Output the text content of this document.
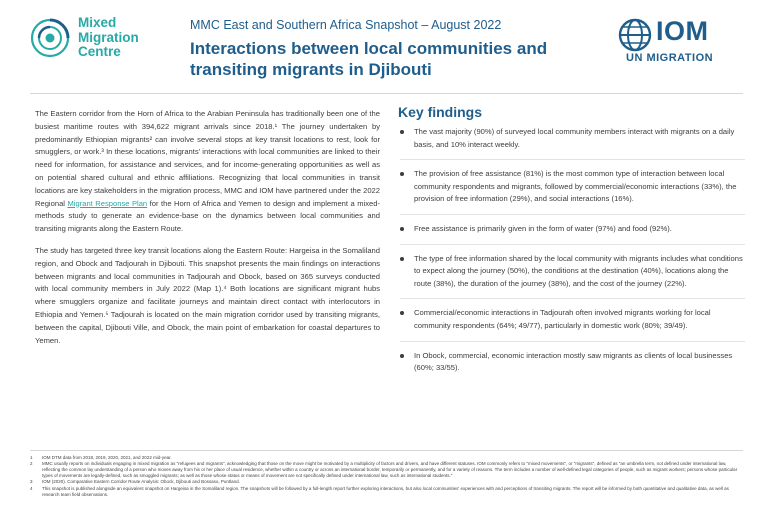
Mixed
Migration
Centre
MMC East and Southern Africa Snapshot – August 2022
Interactions between local communities and transiting migrants in Djibouti
IOM
UN MIGRATION

The Eastern corridor from the Horn of Africa to the Arabian Peninsula has traditionally been one of the busiest maritime routes with 394,622 migrant arrivals since 2018.¹ The journey undertaken by predominantly Ethiopian migrants² can involve several stops at key transit locations to rest, look for smugglers, or work.³ In these locations, migrants' interactions with local communities are linked to their need for information, for assistance and services, and for income-generating opportunities as well as on potential shared cultural and ethnic affiliations. Recognizing that local communities in transit locations are key stakeholders in the migration process, MMC and IOM have partnered under the 2022 Regional Migrant Response Plan for the Horn of Africa and Yemen to design and implement a mixed-methods study to generate an evidence-base on the dynamics between local communities and transiting migrants along the Eastern Route.

The study has targeted three key transit locations along the Eastern Route: Hargeisa in the Somaliland region, and Obock and Tadjourah in Djibouti. This snapshot presents the main findings on interactions between migrants and local communities in Tadjourah and Obock, based on 365 surveys conducted with local community members in July 2022 (Map 1).⁴ Both locations are significant migrant hubs where smugglers organize and facilitate journeys and maintain direct contact with interlocutors in Ethiopia and Yemen.⁵ Tadjourah is located on the main migration corridor used by transiting migrants, between the capital, Djibouti Ville, and Obock, the main point of embarkation for coastal departures to Yemen.

Key findings
The vast majority (90%) of surveyed local community members interact with migrants on a daily basis, and 10% interact weekly.
The provision of free assistance (81%) is the most common type of interaction between local community respondents and migrants, followed by commercial/economic interactions (33%), the provision of free information (29%), and social interactions (16%).
Free assistance is primarily given in the form of water (97%) and food (92%).
The type of free information shared by the local community with migrants includes what conditions to expect along the journey (50%), the conditions at the destination (40%), locations along the route (38%), the duration of the journey (38%), and the cost of the journey (22%).
Commercial/economic interactions in Tadjourah often involved migrants working for local community respondents (64%; 49/77), particularly in domestic work (80%; 39/49).
In Obock, commercial, economic interaction mostly saw migrants as clients of local businesses (60%; 33/55).
1 IOM DTM data from 2018, 2019, 2020, 2021, and 2022 mid-year.
2 MMC usually reports on individuals engaging in mixed migration as "refugees and migrants", acknowledging that those on the move might be motivated by a multiplicity of factors and drivers, and have different statuses. IOM commonly refers to "mixed movements", or "migrants", defined as "an umbrella term, not defined under international law, reflecting the common lay understanding of a person who moves away from his or her place of usual residence, whether within a country or across an international border, temporarily or permanently, and for a variety of reasons. The term includes a number of well-defined legal categories of people, such as migrant workers; persons whose particular types of movements are legally-defined, such as smuggled migrants; as well as those whose status or means of movement are not specifically defined under international law, such as international students."
3 IOM (2020). Comparative Eastern Corridor Route Analysis: Obock, Djibouti and Bossaso, Puntland.
4 This snapshot is published alongside an equivalent snapshot on Hargeisa in the Somaliland region. The snapshots will be followed by a full-length report further exploring interactions, but also local communities' experiences with and perceptions of transiting migrants. The report will be informed by both quantitative and qualitative data, as well as research team field observations.
